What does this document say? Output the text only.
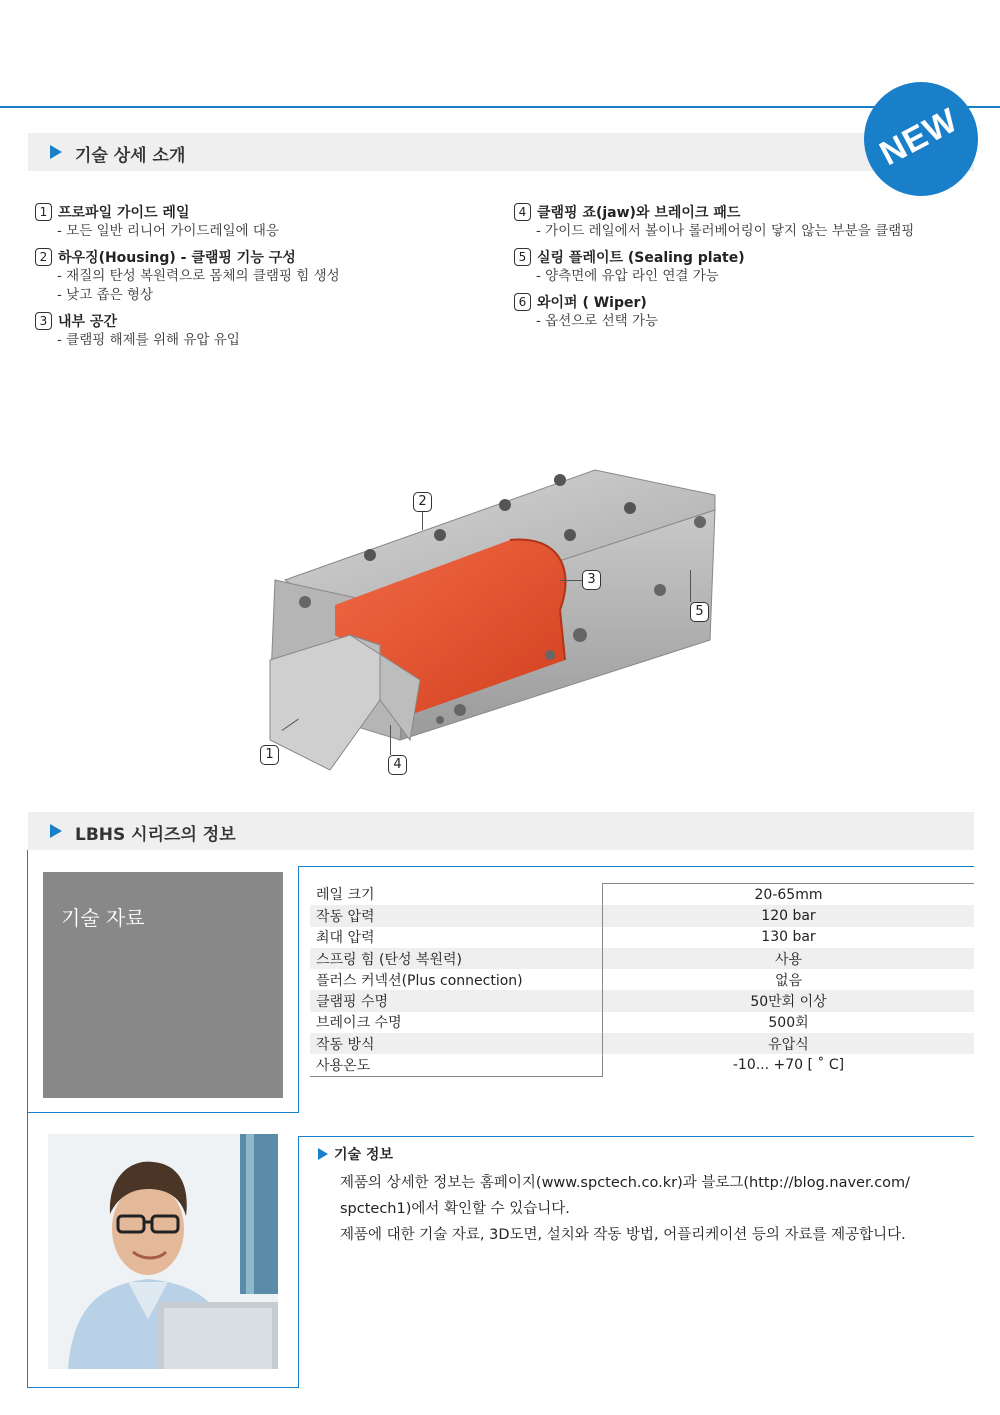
기술 상세 소개	NEW
1 프로파일 가이드 레일
- 모든 일반 리니어 가이드레일에 대응
2 하우징(Housing) - 클램핑 기능 구성
- 재질의 탄성 복원력으로 몸체의 클램핑 힘 생성
- 낮고 좁은 형상
3 내부 공간
- 클램핑 해제를 위해 유압 유입
4 클램핑 죠(jaw)와 브레이크 패드
- 가이드 레일에서 볼이나 롤러베어링이 닿지 않는 부분을 클램핑
5 실링 플레이트 (Sealing plate)
- 양측면에 유압 라인 연결 가능
6 와이퍼 ( Wiper)
- 옵션으로 선택 가능
1
2
3
4
5
LBHS 시리즈의 정보
기술 자료
레일 크기	20-65mm
작동 압력	120 bar
최대 압력	130 bar
스프링 힘 (탄성 복원력)	사용
플러스 커넥션(Plus connection)	없음
클램핑 수명	50만회 이상
브레이크 수명	500회
작동 방식	유압식
사용온도	-10... +70 [ ˚ C]
기술 정보
제품의 상세한 정보는 홈페이지(www.spctech.co.kr)과 블로그(http://blog.naver.com/
spctech1)에서 확인할 수 있습니다.
제품에 대한 기술 자료, 3D도면, 설치와 작동 방법, 어플리케이션 등의 자료를 제공합니다.
